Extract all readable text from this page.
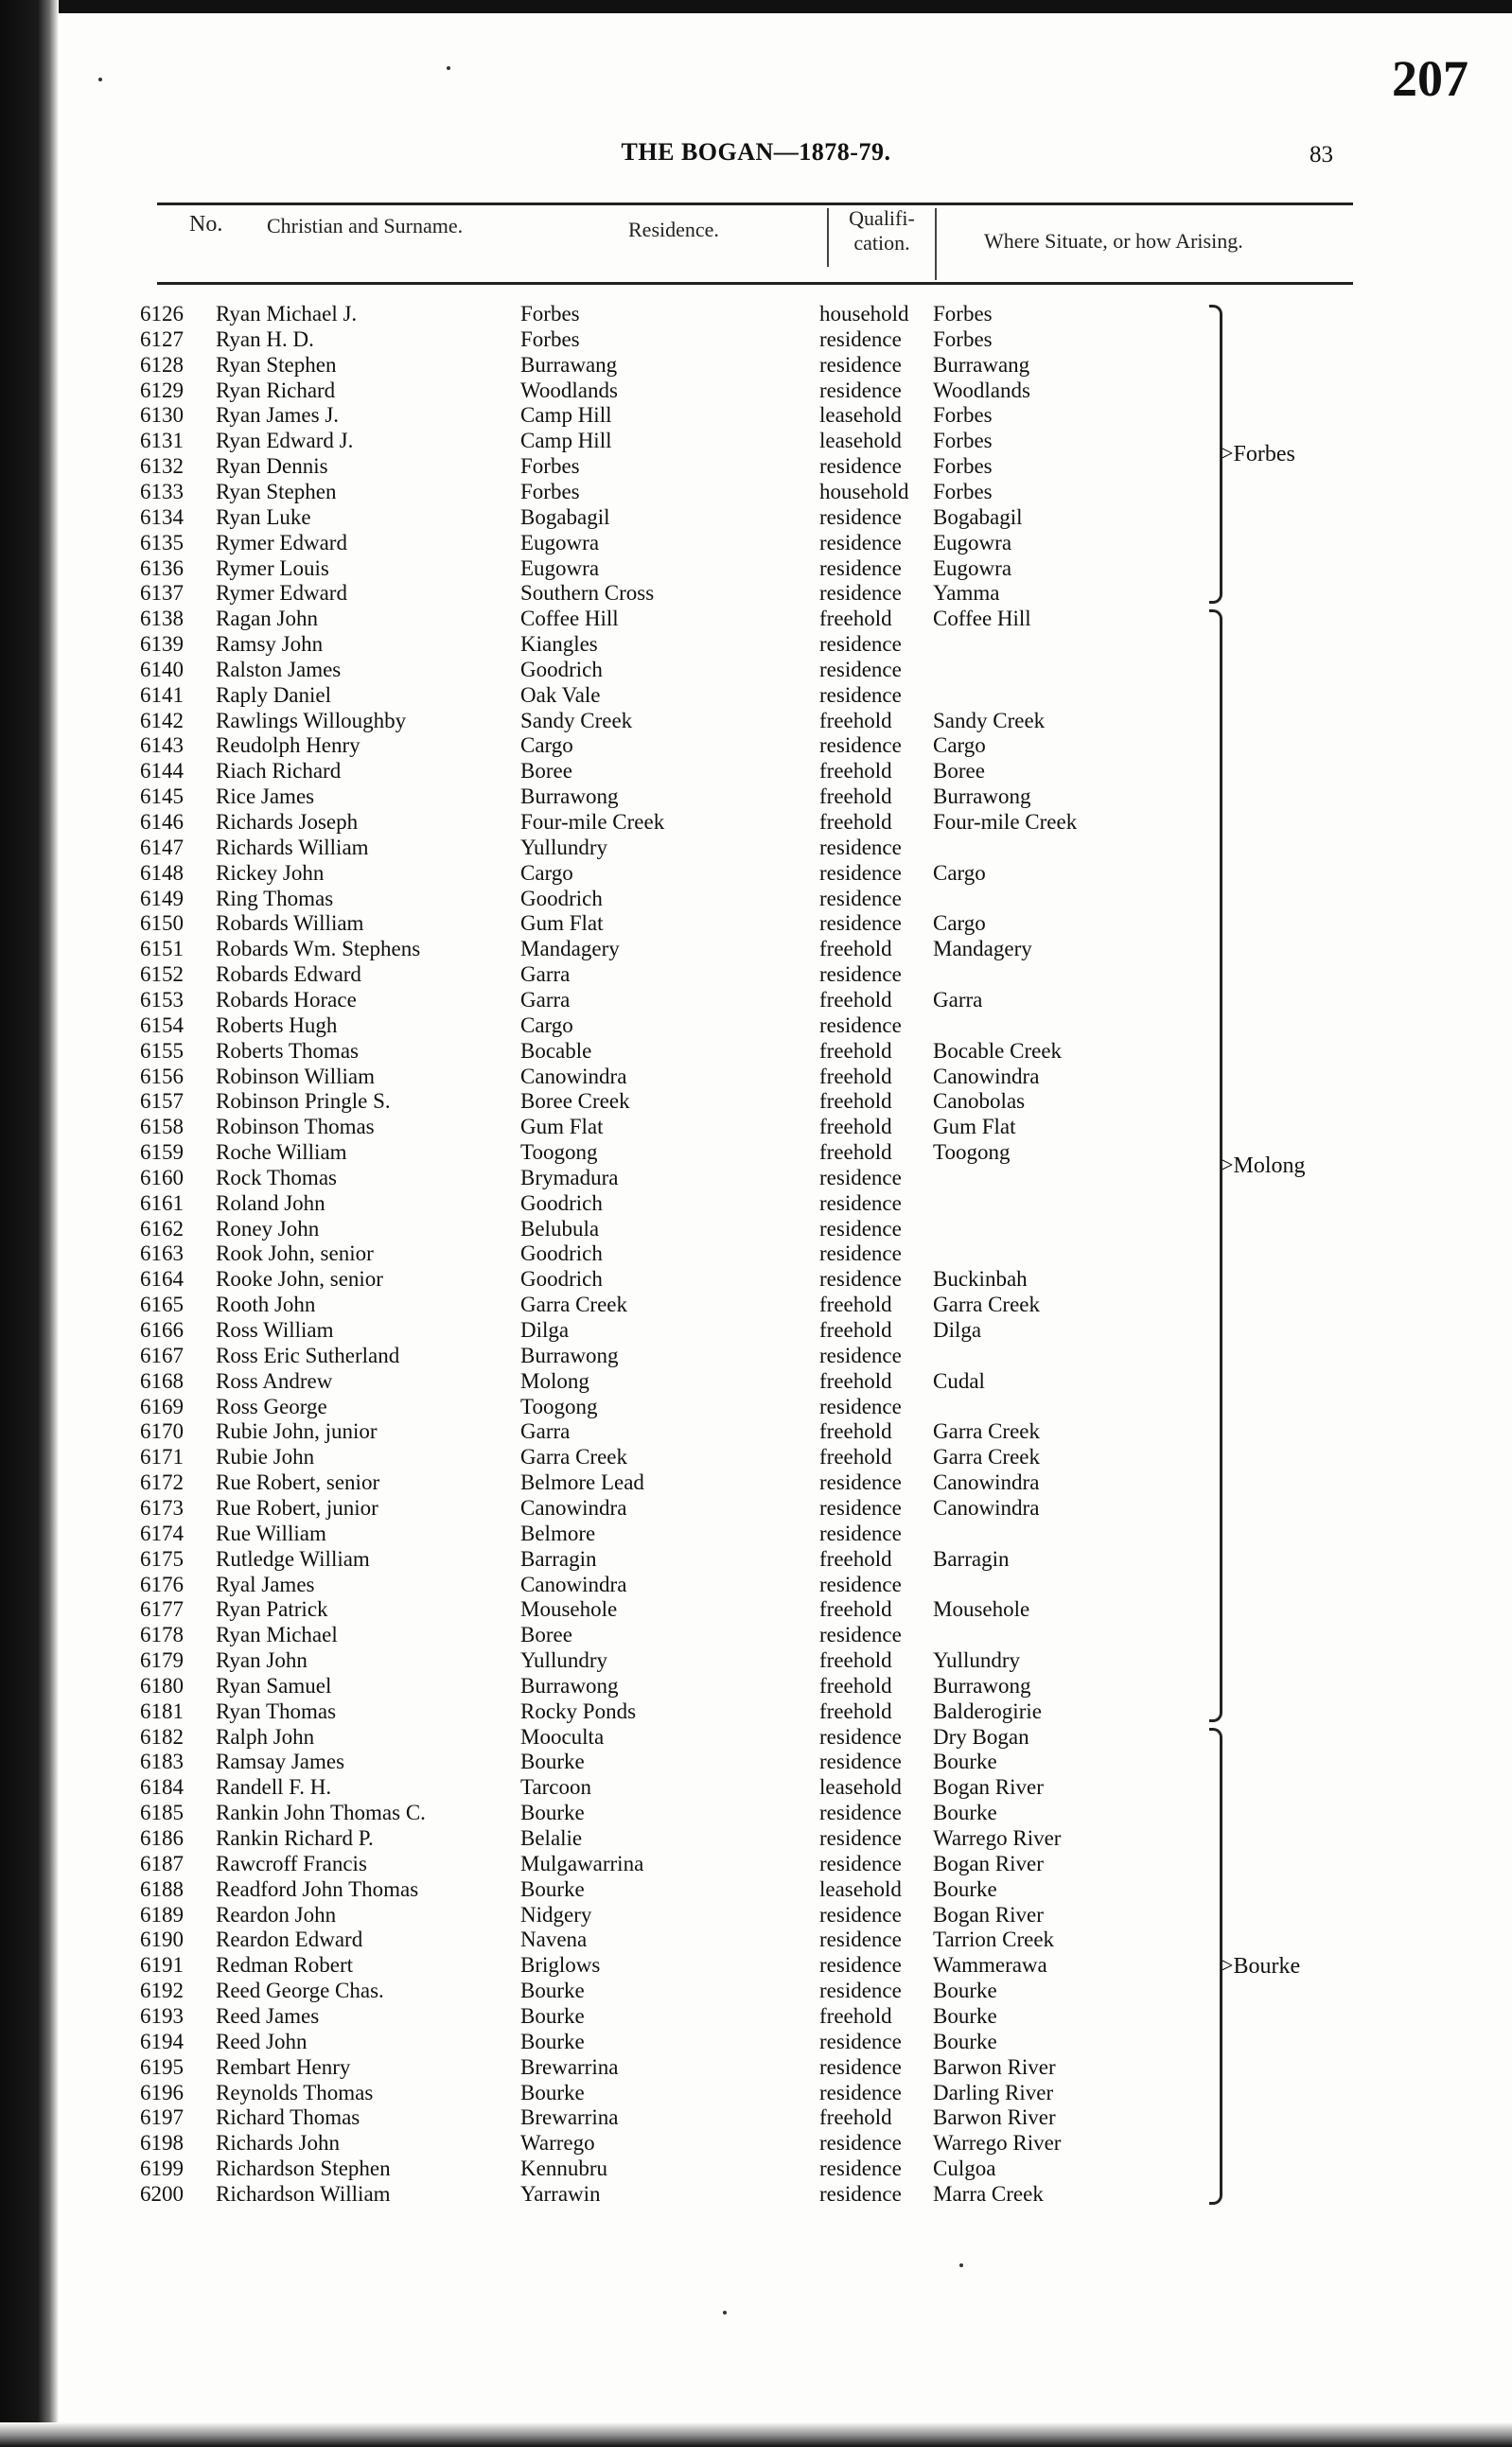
207
THE BOGAN—1878-79.	83
No. Christian and Surname.	Residence.	Qualifi-cation.	Where Situate, or how Arising.
6126	Ryan Michael J.	Forbes	household Forbes
6127	Ryan H. D.	Forbes	residence Forbes
6128	Ryan Stephen	Burrawang	residence Burrawang
6129	Ryan Richard	Woodlands	residence Woodlands
6130	Ryan James J.	Camp Hill	leasehold Forbes
6131	Ryan Edward J.	Camp Hill	leasehold Forbes
6132	Ryan Dennis	Forbes	residence Forbes
6133	Ryan Stephen	Forbes	household Forbes
6134	Ryan Luke	Bogabagil	residence Bogabagil
6135	Rymer Edward	Eugowra	residence Eugowra
6136	Rymer Louis	Eugowra	residence Eugowra
6137	Rymer Edward	Southern Cross	residence Yamma
6138	Ragan John	Coffee Hill	freehold Coffee Hill
6139	Ramsy John	Kiangles	residence
6140	Ralston James	Goodrich	residence
6141	Raply Daniel	Oak Vale	residence
6142	Rawlings Willoughby	Sandy Creek	freehold Sandy Creek
6143	Reudolph Henry	Cargo	residence Cargo
6144	Riach Richard	Boree	freehold Boree
6145	Rice James	Burrawong	freehold Burrawong
6146	Richards Joseph	Four-mile Creek	freehold Four-mile Creek
6147	Richards William	Yullundry	residence
6148	Rickey John	Cargo	residence Cargo
6149	Ring Thomas	Goodrich	residence
6150	Robards William	Gum Flat	residence Cargo
6151	Robards Wm. Stephens	Mandagery	freehold Mandagery
6152	Robards Edward	Garra	residence
6153	Robards Horace	Garra	freehold Garra
6154	Roberts Hugh	Cargo	residence
6155	Roberts Thomas	Bocable	freehold Bocable Creek
6156	Robinson William	Canowindra	freehold Canowindra
6157	Robinson Pringle S.	Boree Creek	freehold Canobolas
6158	Robinson Thomas	Gum Flat	freehold Gum Flat
6159	Roche William	Toogong	freehold Toogong
6160	Rock Thomas	Brymadura	residence
6161	Roland John	Goodrich	residence
6162	Roney John	Belubula	residence
6163	Rook John, senior	Goodrich	residence
6164	Rooke John, senior	Goodrich	residence Buckinbah
6165	Rooth John	Garra Creek	freehold Garra Creek
6166	Ross William	Dilga	freehold Dilga
6167	Ross Eric Sutherland	Burrawong	residence
6168	Ross Andrew	Molong	freehold Cudal
6169	Ross George	Toogong	residence
6170	Rubie John, junior	Garra	freehold Garra Creek
6171	Rubie John	Garra Creek	freehold Garra Creek
6172	Rue Robert, senior	Belmore Lead	residence Canowindra
6173	Rue Robert, junior	Canowindra	residence Canowindra
6174	Rue William	Belmore	residence
6175	Rutledge William	Barragin	freehold Barragin
6176	Ryal James	Canowindra	residence
6177	Ryan Patrick	Mousehole	freehold Mousehole
6178	Ryan Michael	Boree	residence
6179	Ryan John	Yullundry	freehold Yullundry
6180	Ryan Samuel	Burrawong	freehold Burrawong
6181	Ryan Thomas	Rocky Ponds	freehold Balderogirie
6182	Ralph John	Mooculta	residence Dry Bogan
6183	Ramsay James	Bourke	residence Bourke
6184	Randell F. H.	Tarcoon	leasehold Bogan River
6185	Rankin John Thomas C.	Bourke	residence Bourke
6186	Rankin Richard P.	Belalie	residence Warrego River
6187	Rawcroff Francis	Mulgawarrina	residence Bogan River
6188	Readford John Thomas	Bourke	leasehold Bourke
6189	Reardon John	Nidgery	residence Bogan River
6190	Reardon Edward	Navena	residence Tarrion Creek
6191	Redman Robert	Briglows	residence Wammerawa
6192	Reed George Chas.	Bourke	residence Bourke
6193	Reed James	Bourke	freehold Bourke
6194	Reed John	Bourke	residence Bourke
6195	Rembart Henry	Brewarrina	residence Barwon River
6196	Reynolds Thomas	Bourke	residence Darling River
6197	Richard Thomas	Brewarrina	freehold Barwon River
6198	Richards John	Warrego	residence Warrego River
6199	Richardson Stephen	Kennubru	residence Culgoa
6200	Richardson William	Yarrawin	residence Marra Creek
>Forbes
>Molong
>Bourke
